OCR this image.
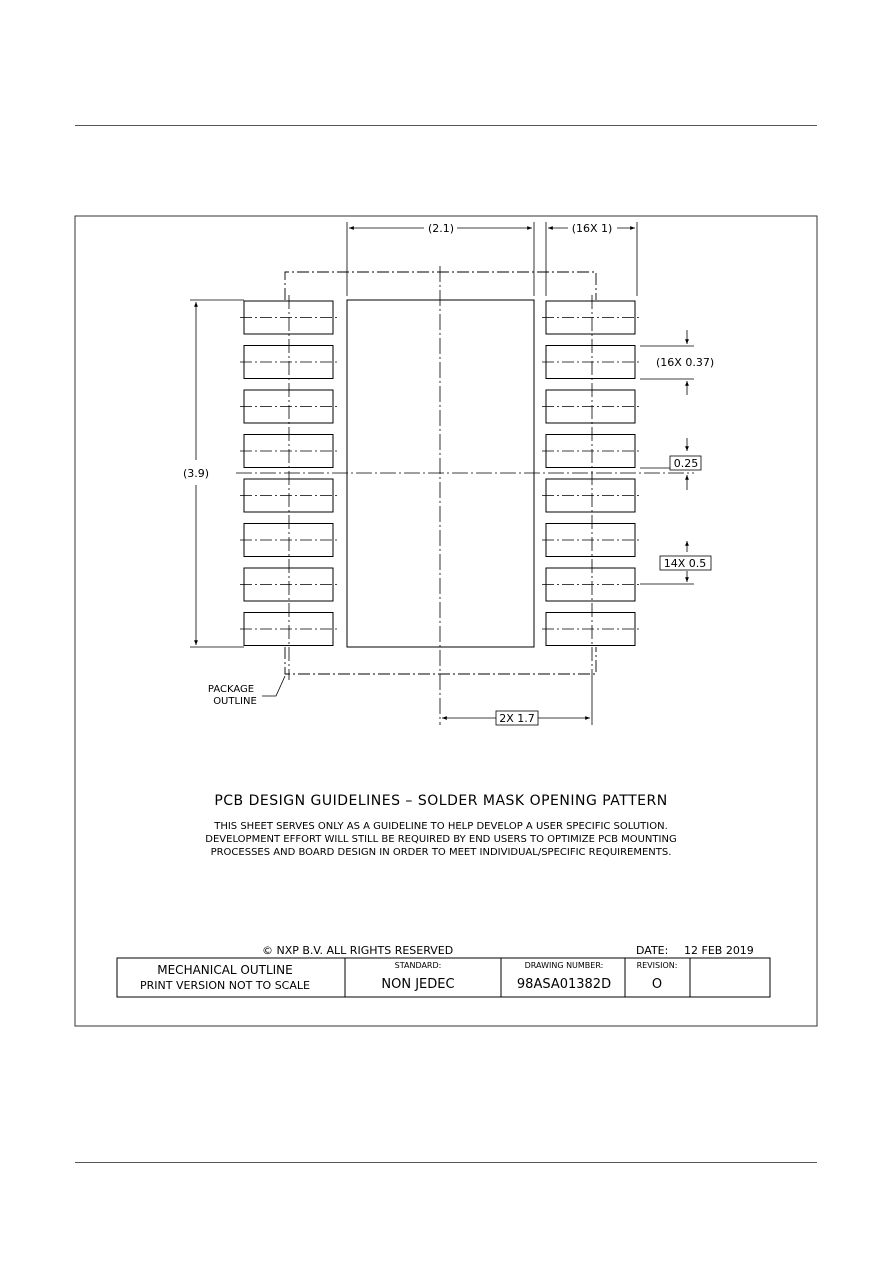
(2.1)	(16X 1)
(3.9)
(16X 0.37)
0.25
14X 0.5
2X 1.7
PACKAGE
OUTLINE
PCB DESIGN GUIDELINES – SOLDER MASK OPENING PATTERN
THIS SHEET SERVES ONLY AS A GUIDELINE TO HELP DEVELOP A USER SPECIFIC SOLUTION.
DEVELOPMENT EFFORT WILL STILL BE REQUIRED BY END USERS TO OPTIMIZE PCB MOUNTING
PROCESSES AND BOARD DESIGN IN ORDER TO MEET INDIVIDUAL/SPECIFIC REQUIREMENTS.
© NXP B.V. ALL RIGHTS RESERVED	DATE: 12 FEB 2019
MECHANICAL OUTLINE
PRINT VERSION NOT TO SCALE
STANDARD:
NON JEDEC
DRAWING NUMBER:
98ASA01382D
REVISION:
O
